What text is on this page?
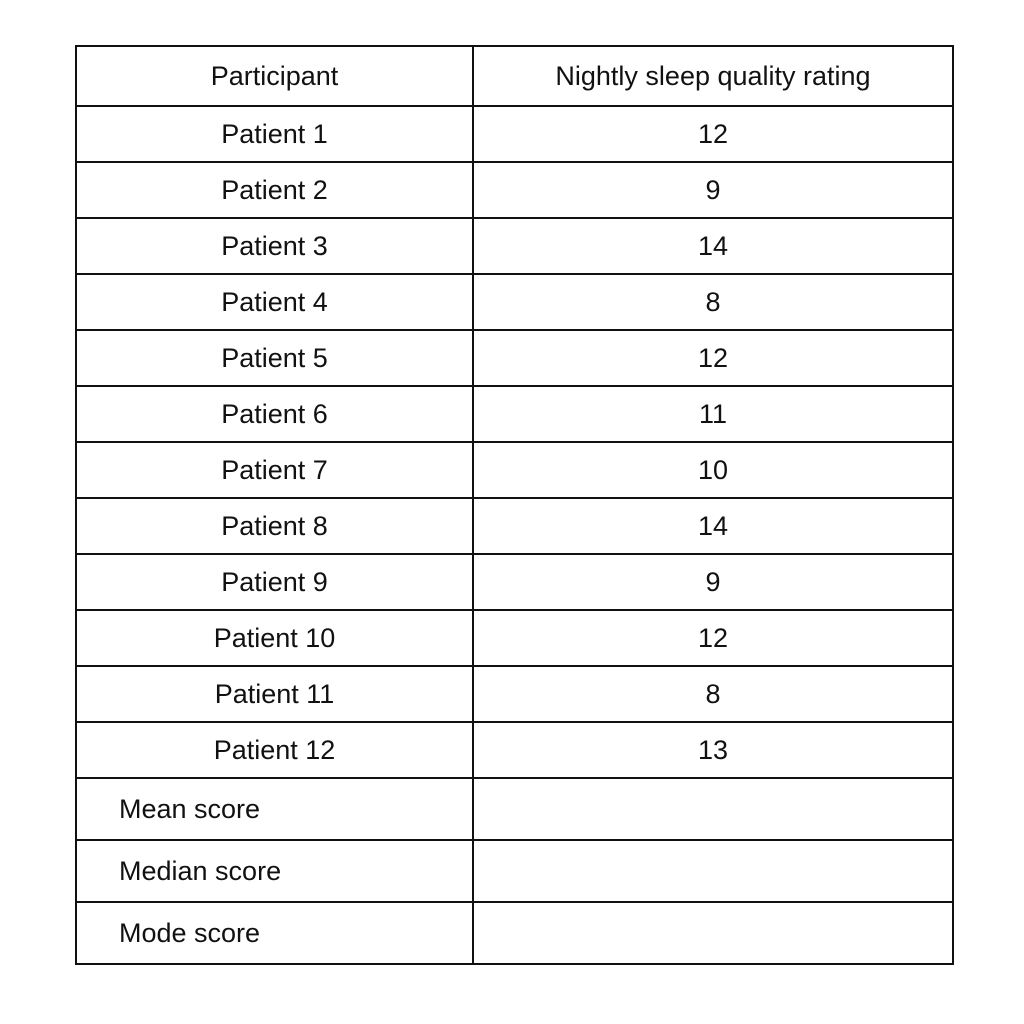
Participant	Nightly sleep quality rating
Patient 1	12
Patient 2	9
Patient 3	14
Patient 4	8
Patient 5	12
Patient 6	11
Patient 7	10
Patient 8	14
Patient 9	9
Patient 10	12
Patient 11	8
Patient 12	13
Mean score	
Median score	
Mode score	
